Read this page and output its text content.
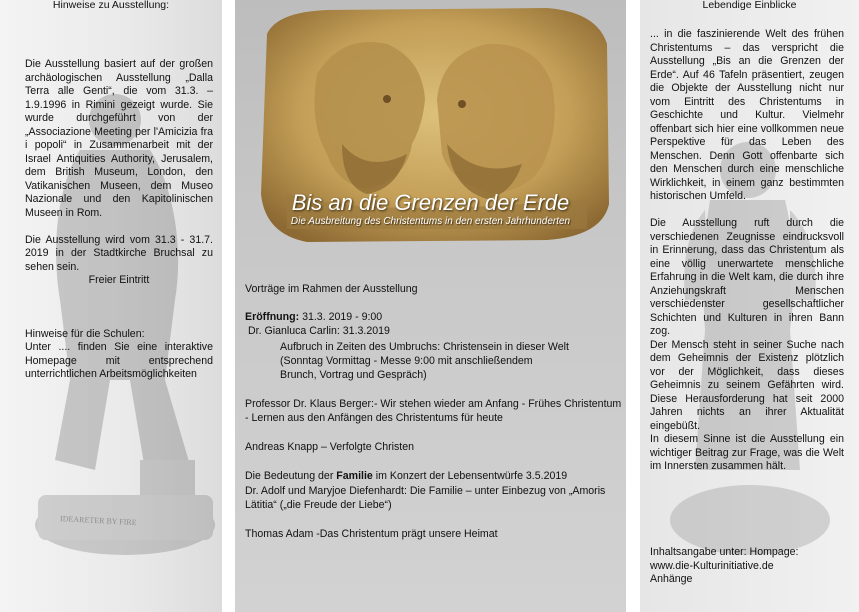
Hinweise zu Ausstellung:

Die Ausstellung basiert auf der großen archäologischen Ausstellung „Dalla Terra alle Genti“, die vom 31.3. – 1.9.1996 in Rimini gezeigt wurde. Sie wurde durchgeführt von der „Associazione Meeting per l'Amicizia fra i popoli“ in Zusammenarbeit mit der Israel Antiquities Authority, Jerusalem, dem British Museum, London, den Vatikanischen Museen, dem Museo Nazionale und den Kapitolinischen Museen in Rom.

Die Ausstellung wird vom 31.3 - 31.7. 2019 in der Stadtkirche Bruchsal zu sehen sein.

Freier Eintritt
Hinweise für die Schulen:
Unter .... finden Sie eine interaktive Homepage mit entsprechend unterrichtlichen Arbeitsmöglichkeiten
IDEARETER BY FIRE
Bis an die Grenzen der Erde
Die Ausbreitung des Christentums in den ersten Jahrhunderten
Vorträge im Rahmen der Ausstellung
Eröffnung: 31.3. 2019 - 9:00
Dr. Gianluca Carlin: 31.3.2019
Aufbruch in Zeiten des Umbruchs: Christensein in dieser Welt
(Sonntag Vormittag - Messe 9:00 mit anschließendem
Brunch, Vortrag und Gespräch)
Professor Dr. Klaus Berger:- Wir stehen wieder am Anfang - Frühes Christentum - Lernen aus den Anfängen des Christentums für heute
Andreas Knapp – Verfolgte Christen
Die Bedeutung der Familie im Konzert der Lebensentwürfe 3.5.2019
Dr. Adolf und Maryjoe Diefenhardt: Die Familie – unter Einbezug von „Amoris Lätitia“ („die Freude der Liebe“)
Thomas Adam -Das Christentum prägt unsere Heimat
Lebendige Einblicke

... in die faszinierende Welt des frühen Christentums – das verspricht die Ausstellung „Bis an die Grenzen der Erde“. Auf 46 Tafeln präsentiert, zeugen die Objekte der Ausstellung nicht nur vom Eintritt des Christentums in Geschichte und Kultur. Vielmehr offenbart sich hier eine vollkommen neue Perspektive für das Leben des Menschen. Denn Gott offenbarte sich den Menschen durch eine menschliche Wirklichkeit, in einem ganz bestimmten historischen Umfeld.

Die Ausstellung ruft durch die verschiedenen Zeugnisse eindrucksvoll in Erinnerung, dass das Christentum als eine völlig unerwartete menschliche Erfahrung in die Welt kam, die durch ihre Anziehungskraft Menschen verschiedenster gesellschaftlicher Schichten und Kulturen in ihren Bann zog.

Der Mensch steht in seiner Suche nach dem Geheimnis der Existenz plötzlich vor der Möglichkeit, dass dieses Geheimnis zu seinem Gefährten wird. Diese Herausforderung hat seit 2000 Jahren nichts an ihrer Aktualität eingebüßt.

In diesem Sinne ist die Ausstellung ein wichtiger Beitrag zur Frage, was die Welt im Innersten zusammen hält.

Inhaltsangabe unter: Hompage:
www.die-Kulturinitiative.de
Anhänge
